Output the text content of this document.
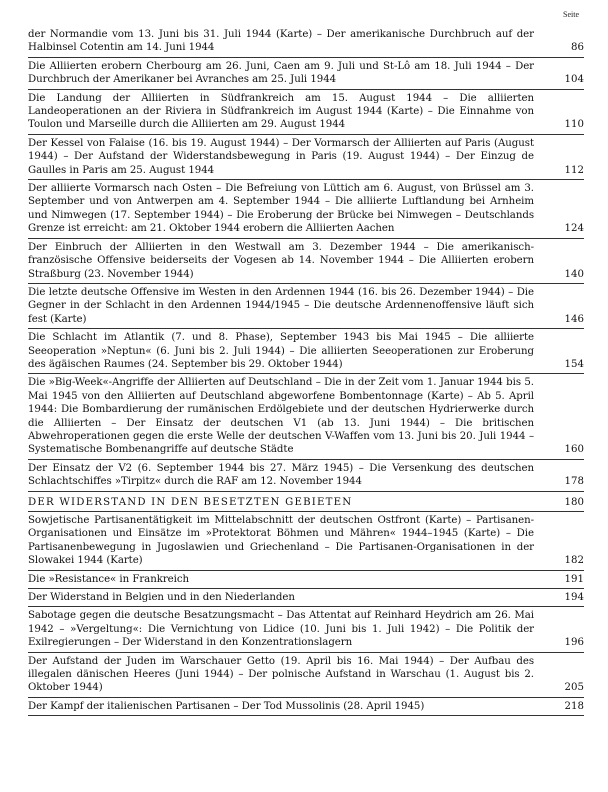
Seite
der Normandie vom 13. Juni bis 31. Juli 1944 (Karte) – Der amerikanische Durchbruch auf der Halbinsel Cotentin am 14. Juni 1944	86
Die Alliierten erobern Cherbourg am 26. Juni, Caen am 9. Juli und St-Lô am 18. Juli 1944 – Der Durchbruch der Amerikaner bei Avranches am 25. Juli 1944	104
Die Landung der Alliierten in Südfrankreich am 15. August 1944 – Die alliierten Landeoperationen an der Riviera in Südfrankreich im August 1944 (Karte) – Die Einnahme von Toulon und Marseille durch die Alliierten am 29. August 1944	110
Der Kessel von Falaise (16. bis 19. August 1944) – Der Vormarsch der Alliierten auf Paris (August 1944) – Der Aufstand der Widerstandsbewegung in Paris (19. August 1944) – Der Einzug de Gaulles in Paris am 25. August 1944	112
Der alliierte Vormarsch nach Osten – Die Befreiung von Lüttich am 6. August, von Brüssel am 3. September und von Antwerpen am 4. September 1944 – Die alliierte Luftlandung bei Arnheim und Nimwegen (17. September 1944) – Die Eroberung der Brücke bei Nimwegen – Deutschlands Grenze ist erreicht: am 21. Oktober 1944 erobern die Alliierten Aachen	124
Der Einbruch der Alliierten in den Westwall am 3. Dezember 1944 – Die amerikanisch-französische Offensive beiderseits der Vogesen ab 14. November 1944 – Die Alliierten erobern Straßburg (23. November 1944)	140
Die letzte deutsche Offensive im Westen in den Ardennen 1944 (16. bis 26. Dezember 1944) – Die Gegner in der Schlacht in den Ardennen 1944/1945 – Die deutsche Ardennenoffensive läuft sich fest (Karte)	146
Die Schlacht im Atlantik (7. und 8. Phase), September 1943 bis Mai 1945 – Die alliierte Seeoperation »Neptun« (6. Juni bis 2. Juli 1944) – Die alliierten Seeoperationen zur Eroberung des ägäischen Raumes (24. September bis 29. Oktober 1944)	154
Die »Big-Week«-Angriffe der Alliierten auf Deutschland – Die in der Zeit vom 1. Januar 1944 bis 5. Mai 1945 von den Alliierten auf Deutschland abgeworfene Bombentonnage (Karte) – Ab 5. April 1944: Die Bombardierung der rumänischen Erdölgebiete und der deutschen Hydrierwerke durch die Alliierten – Der Einsatz der deutschen V1 (ab 13. Juni 1944) – Die britischen Abwehroperationen gegen die erste Welle der deutschen V-Waffen vom 13. Juni bis 20. Juli 1944 – Systematische Bombenangriffe auf deutsche Städte	160
Der Einsatz der V2 (6. September 1944 bis 27. März 1945) – Die Versenkung des deutschen Schlachtschiffes »Tirpitz« durch die RAF am 12. November 1944	178
DER WIDERSTAND IN DEN BESETZTEN GEBIETEN	180
Sowjetische Partisanentätigkeit im Mittelabschnitt der deutschen Ostfront (Karte) – Partisanen-Organisationen und Einsätze im »Protektorat Böhmen und Mähren« 1944–1945 (Karte) – Die Partisanenbewegung in Jugoslawien und Griechenland – Die Partisanen-Organisationen in der Slowakei 1944 (Karte)	182
Die »Resistance« in Frankreich	191
Der Widerstand in Belgien und in den Niederlanden	194
Sabotage gegen die deutsche Besatzungsmacht – Das Attentat auf Reinhard Heydrich am 26. Mai 1942 – »Vergeltung«: Die Vernichtung von Lidice (10. Juni bis 1. Juli 1942) – Die Politik der Exilregierungen – Der Widerstand in den Konzentrationslagern	196
Der Aufstand der Juden im Warschauer Getto (19. April bis 16. Mai 1944) – Der Aufbau des illegalen dänischen Heeres (Juni 1944) – Der polnische Aufstand in Warschau (1. August bis 2. Oktober 1944)	205
Der Kampf der italienischen Partisanen – Der Tod Mussolinis (28. April 1945)	218
